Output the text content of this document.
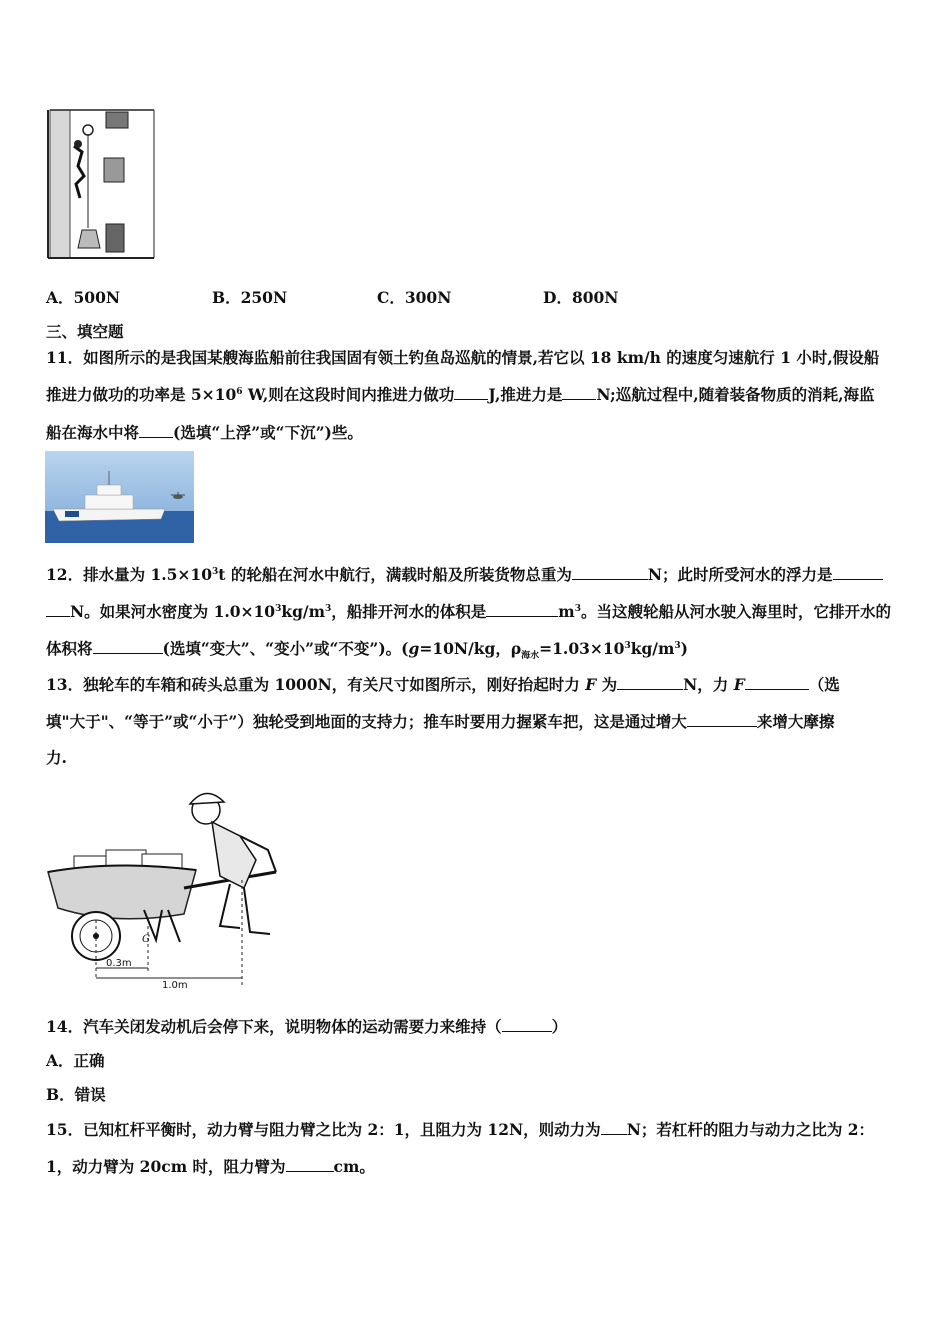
A．500N	B．250N	C．300N	D．800N
三、填空题
11．如图所示的是我国某艘海监船前往我国固有领土钓鱼岛巡航的情景,若它以 18 km/h 的速度匀速航行 1 小时,假设船
推进力做功的功率是 $5\times 10^6$ W,则在这段时间内推进力做功 J,推进力是 N;巡航过程中,随着装备物质的消耗,海监
船在海水中将 (选填“上浮”或“下沉”)些。
12．排水量为 $1.5\times 10^3t$ 的轮船在河水中航行，满载时船及所装货物总重为	N；此时所受河水的浮力是
N。如果河水密度为 $1.0\times 10^3kg/m^3$，船排开河水的体积是	$m^3$。当这艘轮船从河水驶入海里时，它排开水的
体积将	(选填“变大”、“变小”或“不变”)。(g=10N/kg，$\rho_{海水}=1.03\times 10^3kg/m^3$)
13．独轮车的车箱和砖头总重为 1000N，有关尺寸如图所示，刚好抬起时力 F 为	N，力 F	（选
填"大于"、“等于”或“小于”）独轮受到地面的支持力；推车时要用力握紧车把，这是通过增大	来增大摩擦
力.
G
0.3m
1.0m
14．汽车关闭发动机后会停下来，说明物体的运动需要力来维持（	）
A．正确
B．错误
15．已知杠杆平衡时，动力臂与阻力臂之比为 2：1，且阻力为 12N，则动力为 N；若杠杆的阻力与动力之比为 2：
1，动力臂为 20cm 时，阻力臂为	cm。
